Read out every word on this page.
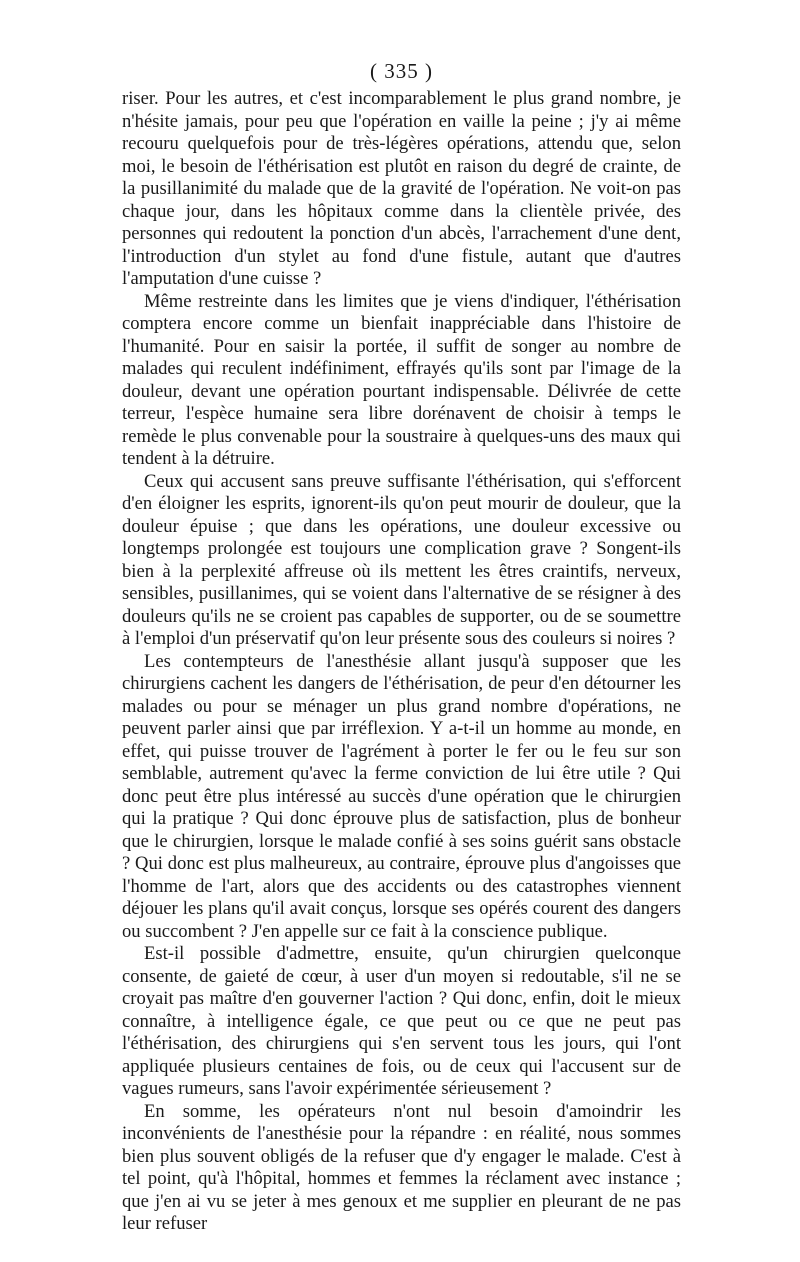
( 335 )

riser. Pour les autres, et c'est incomparablement le plus grand nombre, je n'hésite jamais, pour peu que l'opération en vaille la peine ; j'y ai même recouru quelquefois pour de très-légères opérations, attendu que, selon moi, le besoin de l'éthérisation est plutôt en raison du degré de crainte, de la pusillanimité du malade que de la gravité de l'opération. Ne voit-on pas chaque jour, dans les hôpitaux comme dans la clientèle privée, des personnes qui redoutent la ponction d'un abcès, l'arrachement d'une dent, l'introduction d'un stylet au fond d'une fistule, autant que d'autres l'amputation d'une cuisse ?

Même restreinte dans les limites que je viens d'indiquer, l'éthérisation comptera encore comme un bienfait inappréciable dans l'histoire de l'humanité. Pour en saisir la portée, il suffit de songer au nombre de malades qui reculent indéfiniment, effrayés qu'ils sont par l'image de la douleur, devant une opération pourtant indispensable. Délivrée de cette terreur, l'espèce humaine sera libre dorénavent de choisir à temps le remède le plus convenable pour la soustraire à quelques-uns des maux qui tendent à la détruire.

Ceux qui accusent sans preuve suffisante l'éthérisation, qui s'efforcent d'en éloigner les esprits, ignorent-ils qu'on peut mourir de douleur, que la douleur épuise ; que dans les opérations, une douleur excessive ou longtemps prolongée est toujours une complication grave ? Songent-ils bien à la perplexité affreuse où ils mettent les êtres craintifs, nerveux, sensibles, pusillanimes, qui se voient dans l'alternative de se résigner à des douleurs qu'ils ne se croient pas capables de supporter, ou de se soumettre à l'emploi d'un préservatif qu'on leur présente sous des couleurs si noires ?

Les contempteurs de l'anesthésie allant jusqu'à supposer que les chirurgiens cachent les dangers de l'éthérisation, de peur d'en détourner les malades ou pour se ménager un plus grand nombre d'opérations, ne peuvent parler ainsi que par irréflexion. Y a-t-il un homme au monde, en effet, qui puisse trouver de l'agrément à porter le fer ou le feu sur son semblable, autrement qu'avec la ferme conviction de lui être utile ? Qui donc peut être plus intéressé au succès d'une opération que le chirurgien qui la pratique ? Qui donc éprouve plus de satisfaction, plus de bonheur que le chirurgien, lorsque le malade confié à ses soins guérit sans obstacle ? Qui donc est plus malheureux, au contraire, éprouve plus d'angoisses que l'homme de l'art, alors que des accidents ou des catastrophes viennent déjouer les plans qu'il avait conçus, lorsque ses opérés courent des dangers ou succombent ? J'en appelle sur ce fait à la conscience publique.

Est-il possible d'admettre, ensuite, qu'un chirurgien quelconque consente, de gaieté de cœur, à user d'un moyen si redoutable, s'il ne se croyait pas maître d'en gouverner l'action ? Qui donc, enfin, doit le mieux connaître, à intelligence égale, ce que peut ou ce que ne peut pas l'éthérisation, des chirurgiens qui s'en servent tous les jours, qui l'ont appliquée plusieurs centaines de fois, ou de ceux qui l'accusent sur de vagues rumeurs, sans l'avoir expérimentée sérieusement ?

En somme, les opérateurs n'ont nul besoin d'amoindrir les inconvénients de l'anesthésie pour la répandre : en réalité, nous sommes bien plus souvent obligés de la refuser que d'y engager le malade. C'est à tel point, qu'à l'hôpital, hommes et femmes la réclament avec instance ; que j'en ai vu se jeter à mes genoux et me supplier en pleurant de ne pas leur refuser
